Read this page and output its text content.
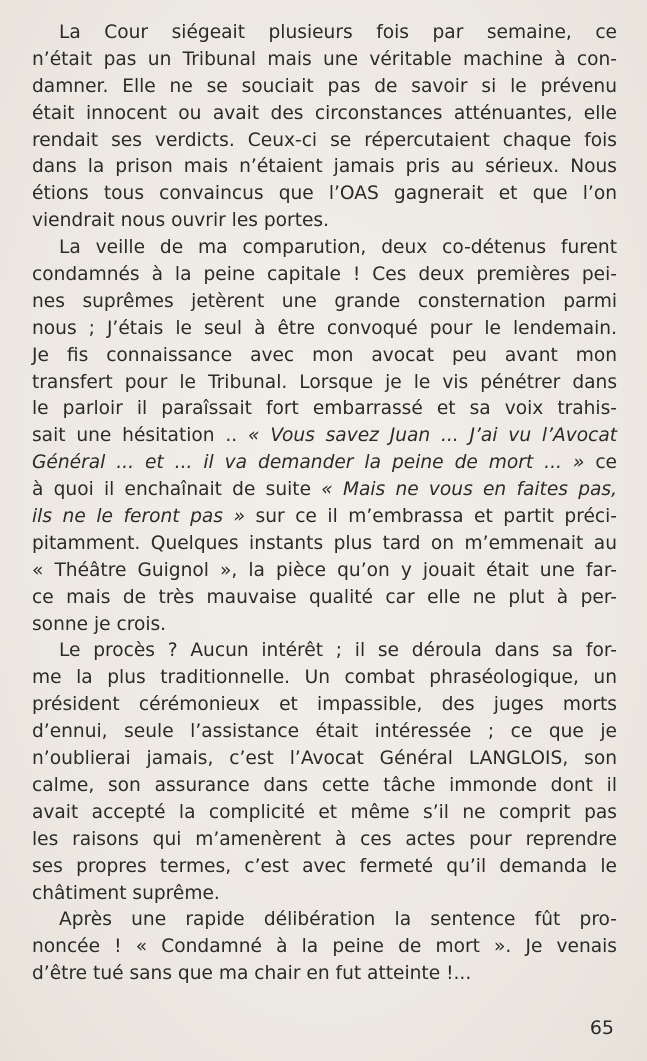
La Cour siégeait plusieurs fois par semaine, ce
n’était pas un Tribunal mais une véritable machine à con-
damner. Elle ne se souciait pas de savoir si le prévenu
était innocent ou avait des circonstances atténuantes, elle
rendait ses verdicts. Ceux-ci se répercutaient chaque fois
dans la prison mais n’étaient jamais pris au sérieux. Nous
étions tous convaincus que l’OAS gagnerait et que l’on
viendrait nous ouvrir les portes.

La veille de ma comparution, deux co-détenus furent
condamnés à la peine capitale ! Ces deux premières pei-
nes suprêmes jetèrent une grande consternation parmi
nous ; J’étais le seul à être convoqué pour le lendemain.
Je fis connaissance avec mon avocat peu avant mon
transfert pour le Tribunal. Lorsque je le vis pénétrer dans
le parloir il paraîssait fort embarrassé et sa voix trahis-
sait une hésitation .. « Vous savez Juan ... J’ai vu l’Avocat
Général ... et ... il va demander la peine de mort ... » ce
à quoi il enchaînait de suite « Mais ne vous en faites pas,
ils ne le feront pas » sur ce il m’embrassa et partit préci-
pitamment. Quelques instants plus tard on m’emmenait au
« Théâtre Guignol », la pièce qu’on y jouait était une far-
ce mais de très mauvaise qualité car elle ne plut à per-
sonne je crois.

Le procès ? Aucun intérêt ; il se déroula dans sa for-
me la plus traditionnelle. Un combat phraséologique, un
président cérémonieux et impassible, des juges morts
d’ennui, seule l’assistance était intéressée ; ce que je
n’oublierai jamais, c’est l’Avocat Général LANGLOIS, son
calme, son assurance dans cette tâche immonde dont il
avait accepté la complicité et même s’il ne comprit pas
les raisons qui m’amenèrent à ces actes pour reprendre
ses propres termes, c’est avec fermeté qu’il demanda le
châtiment suprême.

Après une rapide délibération la sentence fût pro-
noncée ! « Condamné à la peine de mort ». Je venais
d’être tué sans que ma chair en fut atteinte !...

65
